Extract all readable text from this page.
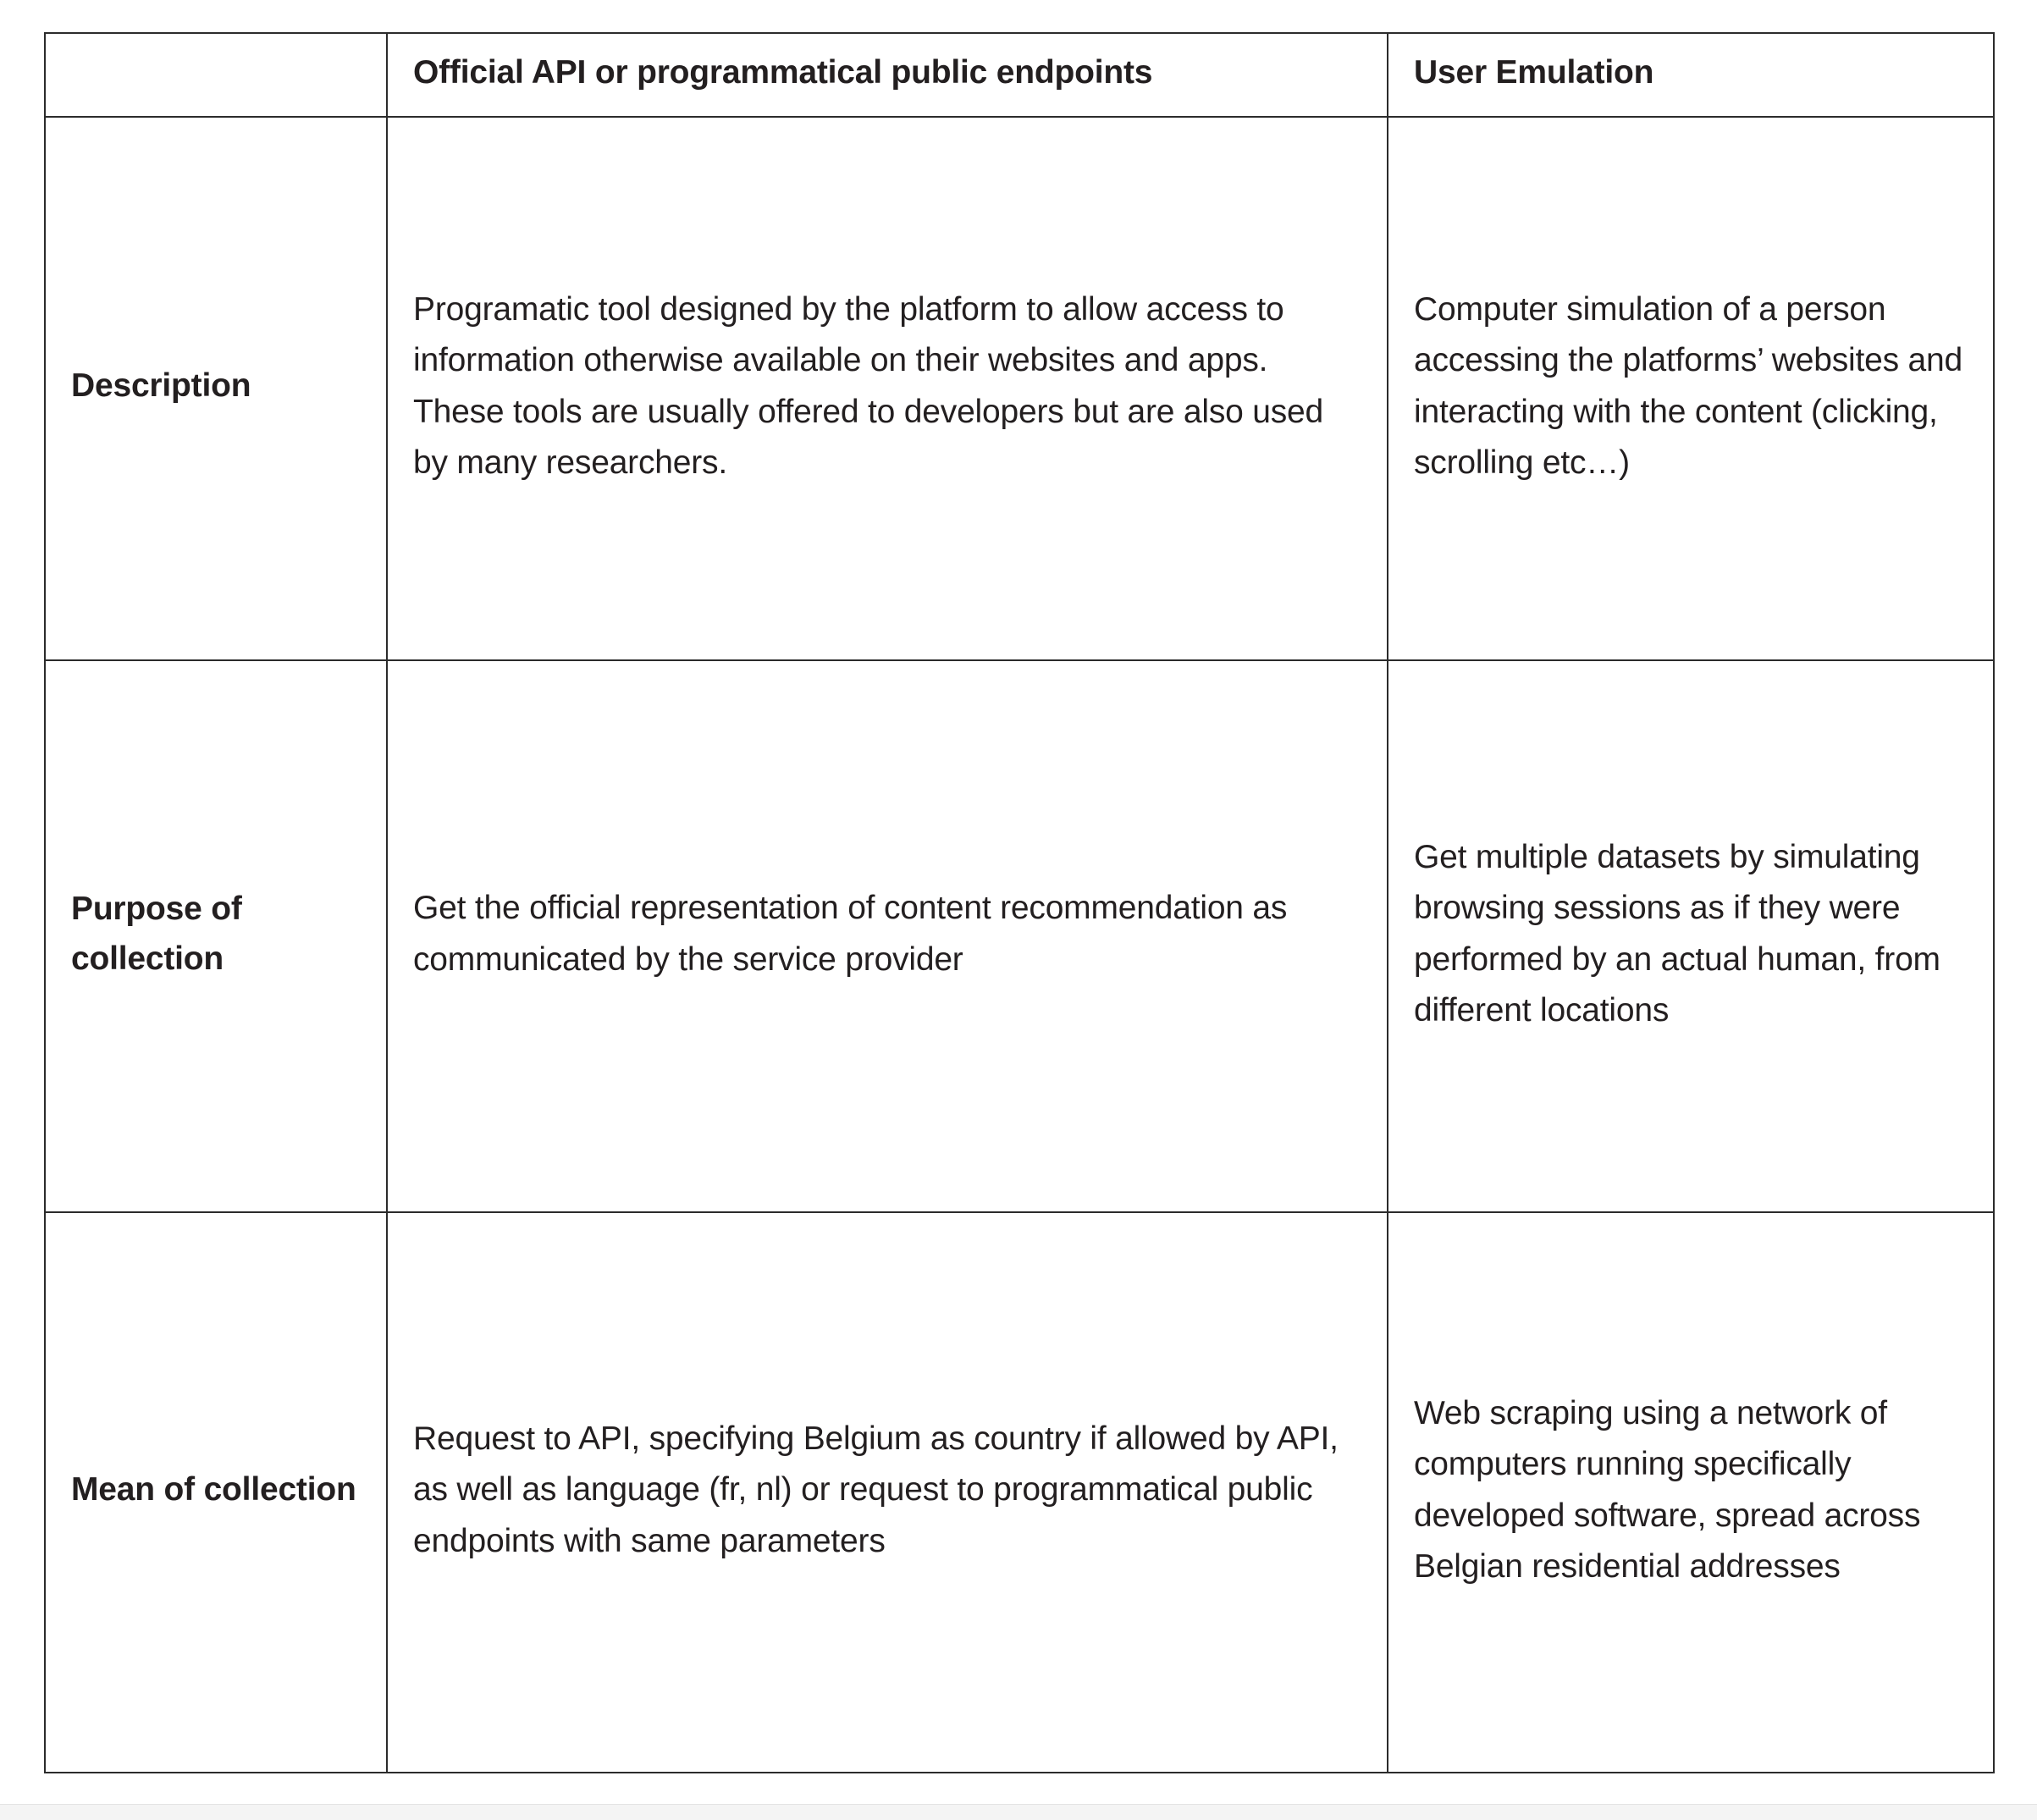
	Official API or programmatical public endpoints	User Emulation
Description	Programatic tool designed by the platform to allow access to information otherwise available on their websites and apps. These tools are usually offered to developers but are also used by many researchers.	Computer simulation of a person accessing the platforms’ websites and interacting with the content (clicking, scrolling etc…)
Purpose of collection	Get the official representation of content recommendation as communicated by the service provider	Get multiple datasets by simulating browsing sessions as if they were performed by an actual human, from different locations
Mean of collection	Request to API, specifying Belgium as country if allowed by API, as well as language (fr, nl) or request to programmatical public endpoints with same parameters	Web scraping using a network of computers running specifically developed software, spread across Belgian residential addresses
